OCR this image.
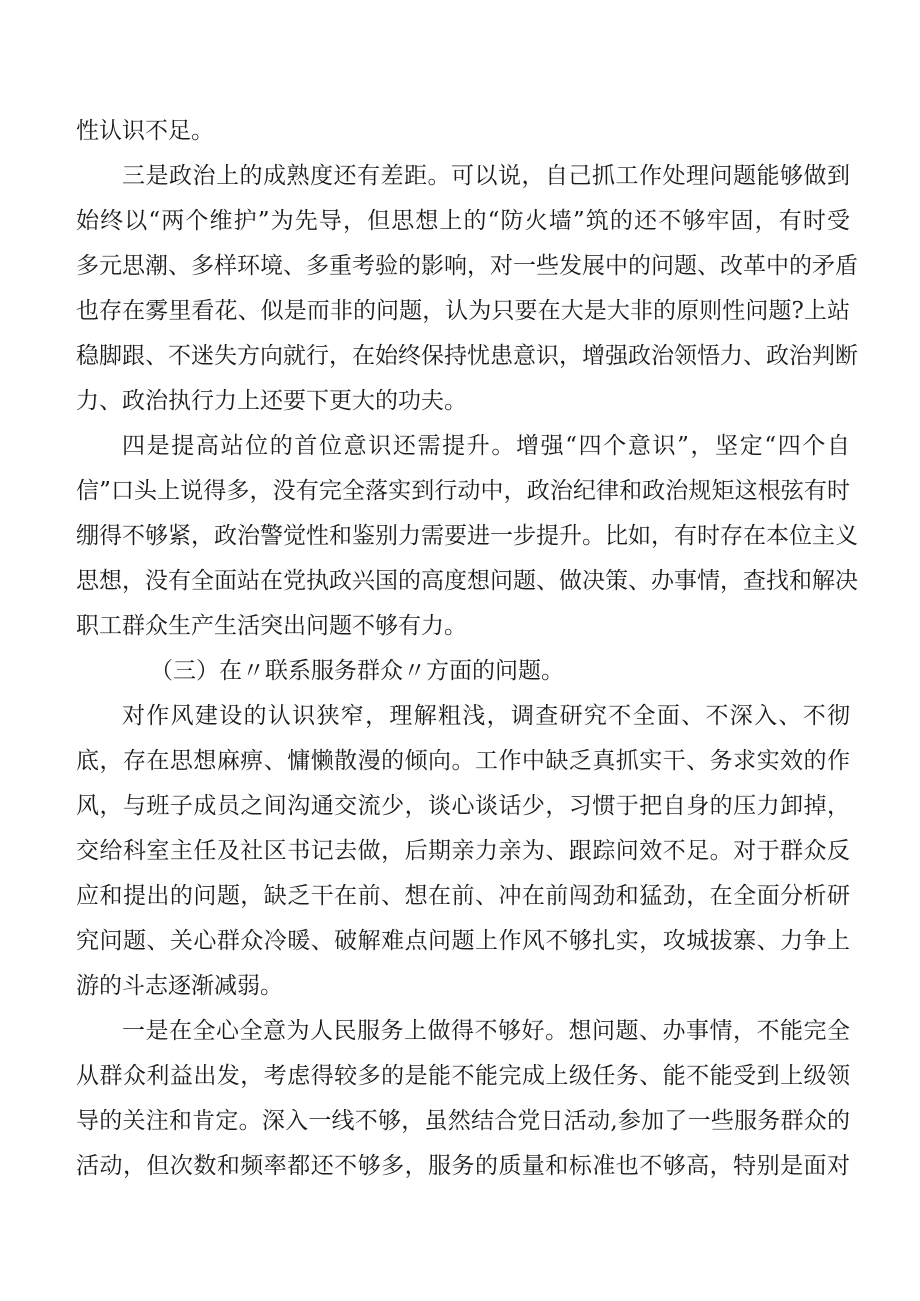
性认识不足。
三是政治上的成熟度还有差距。可以说，自己抓工作处理问题能够做到
始终以“两个维护”为先导，但思想上的“防火墙”筑的还不够牢固，有时受
多元思潮、多样环境、多重考验的影响，对一些发展中的问题、改革中的矛盾
也存在雾里看花、似是而非的问题，认为只要在大是大非的原则性问题?上站
稳脚跟、不迷失方向就行，在始终保持忧患意识，增强政治领悟力、政治判断
力、政治执行力上还要下更大的功夫。
四是提高站位的首位意识还需提升。增强“四个意识”，坚定“四个自
信”口头上说得多，没有完全落实到行动中，政治纪律和政治规矩这根弦有时
绷得不够紧，政治警觉性和鉴别力需要进一步提升。比如，有时存在本位主义
思想，没有全面站在党执政兴国的高度想问题、做决策、办事情，查找和解决
职工群众生产生活突出问题不够有力。
（三）在〃联系服务群众〃方面的问题。
对作风建设的认识狭窄，理解粗浅，调查研究不全面、不深入、不彻
底，存在思想麻痹、慵懒散漫的倾向。工作中缺乏真抓实干、务求实效的作
风，与班子成员之间沟通交流少，谈心谈话少，习惯于把自身的压力卸掉，
交给科室主任及社区书记去做，后期亲力亲为、跟踪问效不足。对于群众反
应和提出的问题，缺乏干在前、想在前、冲在前闯劲和猛劲，在全面分析研
究问题、关心群众冷暖、破解难点问题上作风不够扎实，攻城拔寨、力争上
游的斗志逐渐减弱。
一是在全心全意为人民服务上做得不够好。想问题、办事情，不能完全
从群众利益出发，考虑得较多的是能不能完成上级任务、能不能受到上级领
导的关注和肯定。深入一线不够，虽然结合党日活动,参加了一些服务群众的
活动，但次数和频率都还不够多，服务的质量和标准也不够高，特别是面对
